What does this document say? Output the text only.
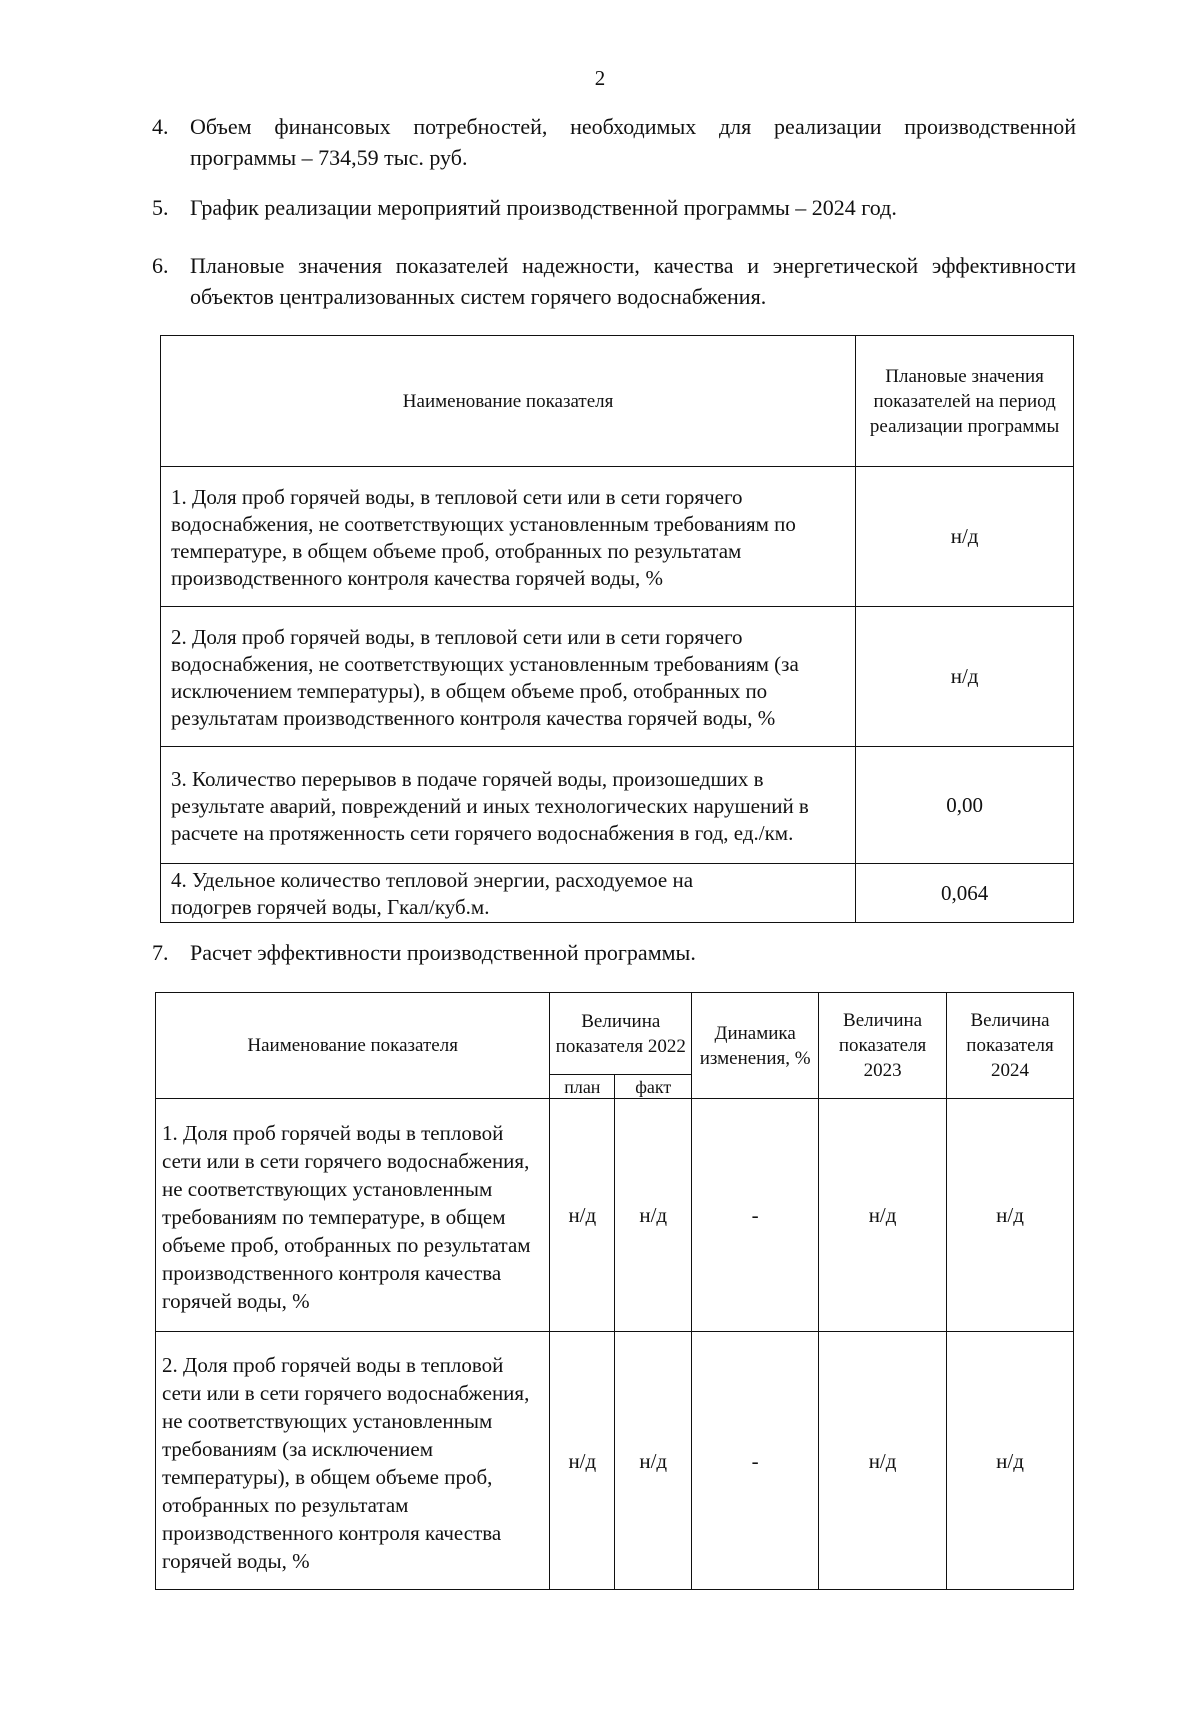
2
4. Объем финансовых потребностей, необходимых для реализации производственной программы – 734,59 тыс. руб.
5. График реализации мероприятий производственной программы – 2024 год.
6. Плановые значения показателей надежности, качества и энергетической эффективности объектов централизованных систем горячего водоснабжения.
Наименование показателя	Плановые значения показателей на период реализации программы
1. Доля проб горячей воды, в тепловой сети или в сети горячего водоснабжения, не соответствующих установленным требованиям по температуре, в общем объеме проб, отобранных по результатам производственного контроля качества горячей воды, %	н/д
2. Доля проб горячей воды, в тепловой сети или в сети горячего водоснабжения, не соответствующих установленным требованиям (за исключением температуры), в общем объеме проб, отобранных по результатам производственного контроля качества горячей воды, %	н/д
3. Количество перерывов в подаче горячей воды, произошедших в результате аварий, повреждений и иных технологических нарушений в расчете на протяженность сети горячего водоснабжения в год, ед./км.	0,00
4. Удельное количество тепловой энергии, расходуемое на подогрев горячей воды, Гкал/куб.м.	0,064
7. Расчет эффективности производственной программы.
Наименование показателя	Величина показателя 2022		Динамика изменения, %	Величина показателя 2023	Величина показателя 2024
	план	факт			
1. Доля проб горячей воды в тепловой сети или в сети горячего водоснабжения, не соответствующих установленным требованиям по температуре, в общем объеме проб, отобранных по результатам производственного контроля качества горячей воды, %	н/д	н/д	-	н/д	н/д
2. Доля проб горячей воды в тепловой сети или в сети горячего водоснабжения, не соответствующих установленным требованиям (за исключением температуры), в общем объеме проб, отобранных по результатам производственного контроля качества горячей воды, %	н/д	н/д	-	н/д	н/д
